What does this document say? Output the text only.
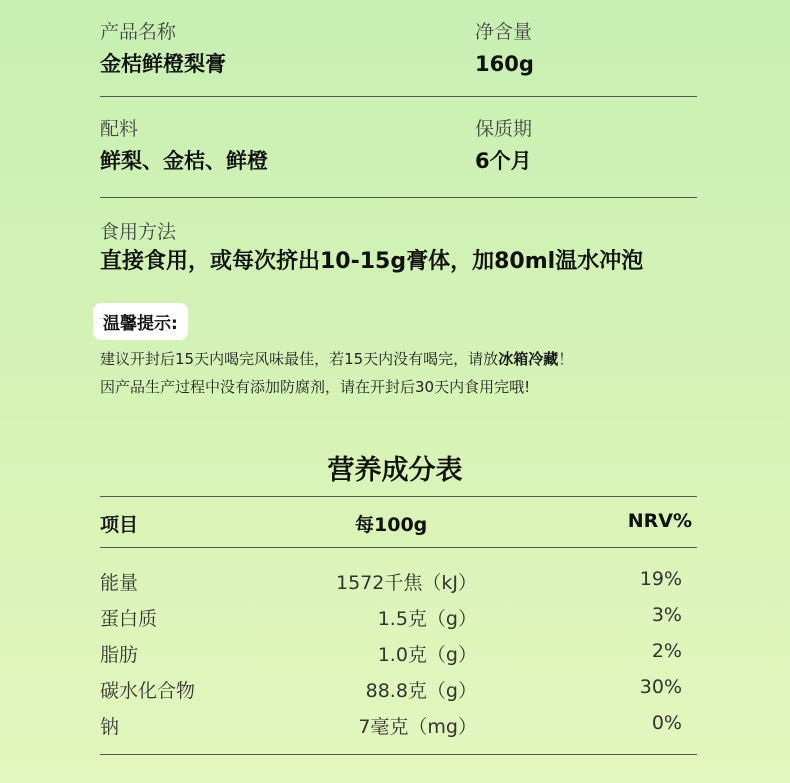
产品名称
金桔鲜橙梨膏
净含量
160g
配料
鲜梨、金桔、鲜橙
保质期
6个月
食用方法
直接食用，或每次挤出10-15g膏体，加80ml温水冲泡
温馨提示:
建议开封后15天内喝完风味最佳，若15天内没有喝完，请放冰箱冷藏！
因产品生产过程中没有添加防腐剂，请在开封后30天内食用完哦!
营养成分表
项目	每100g	NRV%
能量	1572千焦（kJ）	19%
蛋白质	1.5克（g）	3%
脂肪	1.0克（g）	2%
碳水化合物	88.8克（g）	30%
钠	7毫克（mg）	0%
